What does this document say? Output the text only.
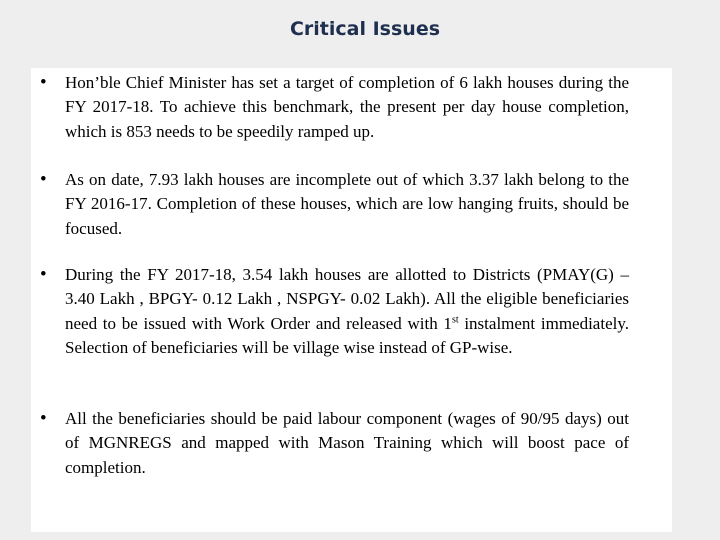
Critical Issues
• Hon’ble Chief Minister has set a target of completion of 6 lakh houses during the FY 2017-18. To achieve this benchmark, the present per day house completion, which is 853 needs to be speedily ramped up.

• As on date, 7.93 lakh houses are incomplete out of which 3.37 lakh belong to the FY 2016-17. Completion of these houses, which are low hanging fruits, should be focused.

• During the FY 2017-18, 3.54 lakh houses are allotted to Districts (PMAY(G) – 3.40 Lakh , BPGY- 0.12 Lakh , NSPGY- 0.02 Lakh). All the eligible beneficiaries need to be issued with Work Order and released with 1st instalment immediately. Selection of beneficiaries will be village wise instead of GP-wise.

• All the beneficiaries should be paid labour component (wages of 90/95 days) out of MGNREGS and mapped with Mason Training which will boost pace of completion.
